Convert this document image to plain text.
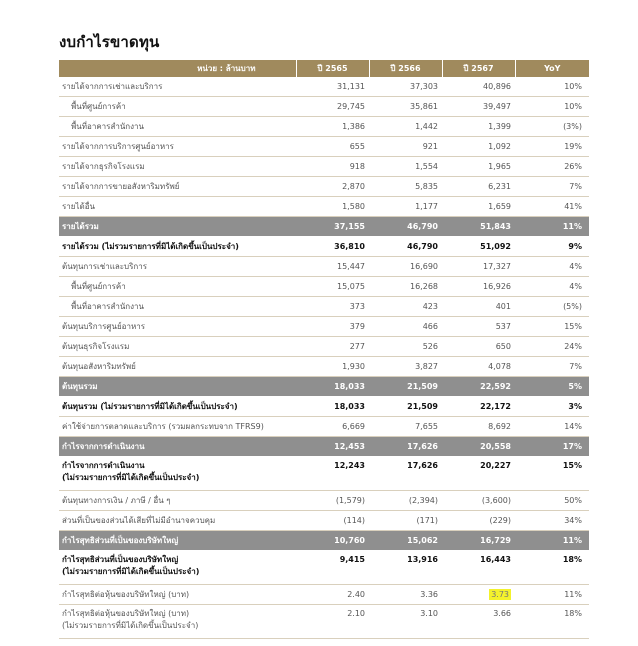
งบกำไรขาดทุน
หน่วย : ล้านบาท	ปี 2565	ปี 2566	ปี 2567	YoY
รายได้จากการเช่าและบริการ	31,131	37,303	40,896	10%
พื้นที่ศูนย์การค้า	29,745	35,861	39,497	10%
พื้นที่อาคารสำนักงาน	1,386	1,442	1,399	(3%)
รายได้จากการบริการศูนย์อาหาร	655	921	1,092	19%
รายได้จากธุรกิจโรงแรม	918	1,554	1,965	26%
รายได้จากการขายอสังหาริมทรัพย์	2,870	5,835	6,231	7%
รายได้อื่น	1,580	1,177	1,659	41%
รายได้รวม	37,155	46,790	51,843	11%
รายได้รวม (ไม่รวมรายการที่มิได้เกิดขึ้นเป็นประจำ)	36,810	46,790	51,092	9%
ต้นทุนการเช่าและบริการ	15,447	16,690	17,327	4%
พื้นที่ศูนย์การค้า	15,075	16,268	16,926	4%
พื้นที่อาคารสำนักงาน	373	423	401	(5%)
ต้นทุนบริการศูนย์อาหาร	379	466	537	15%
ต้นทุนธุรกิจโรงแรม	277	526	650	24%
ต้นทุนอสังหาริมทรัพย์	1,930	3,827	4,078	7%
ต้นทุนรวม	18,033	21,509	22,592	5%
ต้นทุนรวม (ไม่รวมรายการที่มิได้เกิดขึ้นเป็นประจำ)	18,033	21,509	22,172	3%
ค่าใช้จ่ายการตลาดและบริการ (รวมผลกระทบจาก TFRS9)	6,669	7,655	8,692	14%
กำไรจากการดำเนินงาน	12,453	17,626	20,558	17%
กำไรจากการดำเนินงาน
(ไม่รวมรายการที่มิได้เกิดขึ้นเป็นประจำ)	12,243	17,626	20,227	15%
ต้นทุนทางการเงิน / ภาษี / อื่น ๆ	(1,579)	(2,394)	(3,600)	50%
ส่วนที่เป็นของส่วนได้เสียที่ไม่มีอำนาจควบคุม	(114)	(171)	(229)	34%
กำไรสุทธิส่วนที่เป็นของบริษัทใหญ่	10,760	15,062	16,729	11%
กำไรสุทธิส่วนที่เป็นของบริษัทใหญ่
(ไม่รวมรายการที่มิได้เกิดขึ้นเป็นประจำ)	9,415	13,916	16,443	18%
กำไรสุทธิต่อหุ้นของบริษัทใหญ่ (บาท)	2.40	3.36	3.73	11%
กำไรสุทธิต่อหุ้นของบริษัทใหญ่ (บาท)
(ไม่รวมรายการที่มิได้เกิดขึ้นเป็นประจำ)	2.10	3.10	3.66	18%
